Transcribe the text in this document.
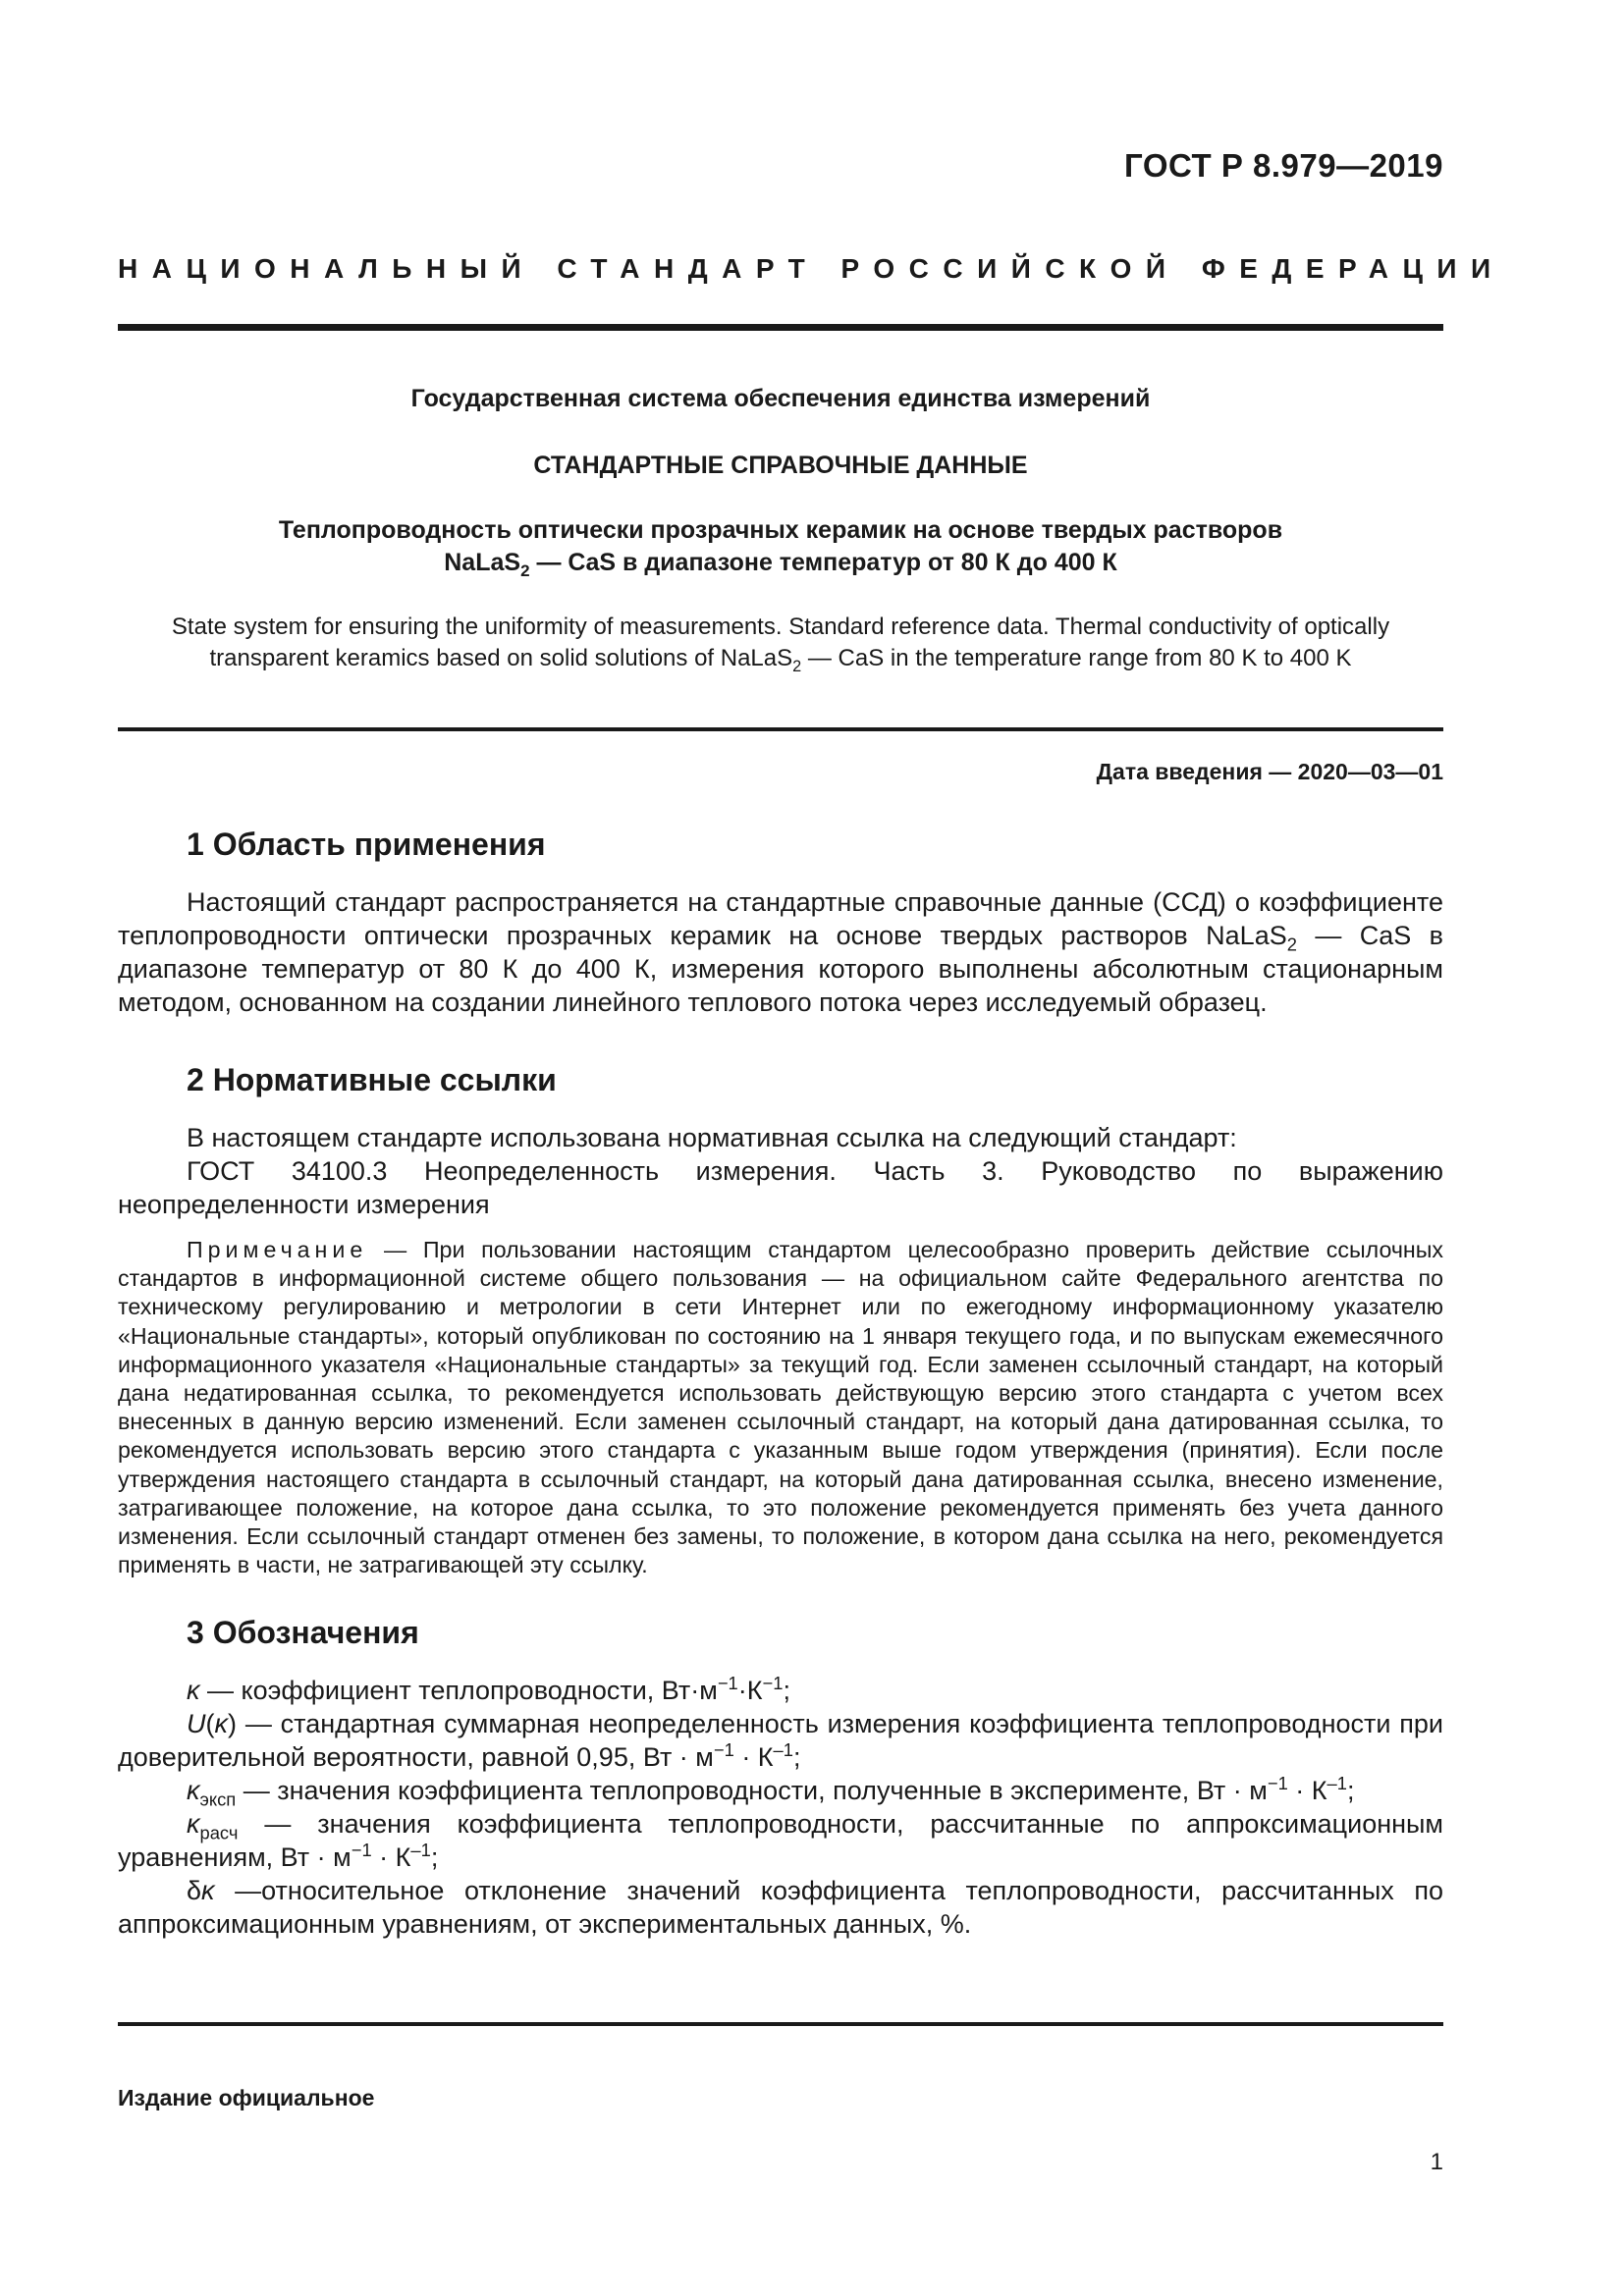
ГОСТ Р 8.979—2019
НАЦИОНАЛЬНЫЙ СТАНДАРТ РОССИЙСКОЙ ФЕДЕРАЦИИ
Государственная система обеспечения единства измерений
СТАНДАРТНЫЕ СПРАВОЧНЫЕ ДАННЫЕ
Теплопроводность оптически прозрачных керамик на основе твердых растворов
NaLaS$_2$ — CaS в диапазоне температур от 80 К до 400 К
State system for ensuring the uniformity of measurements. Standard reference data. Thermal conductivity of optically
transparent keramics based on solid solutions of NaLaS$_2$ — CaS in the temperature range from 80 K to 400 K
Дата введения — 2020—03—01
1 Область применения

Настоящий стандарт распространяется на стандартные справочные данные (ССД) о коэффициенте теплопроводности оптически прозрачных керамик на основе твердых растворов NaLaS$_2$ — CaS в диапазоне температур от 80 К до 400 К, измерения которого выполнены абсолютным стационарным методом, основанном на создании линейного теплового потока через исследуемый образец.

2 Нормативные ссылки

В настоящем стандарте использована нормативная ссылка на следующий стандарт:

ГОСТ 34100.3 Неопределенность измерения. Часть 3. Руководство по выражению неопределенности измерения

Примечание — При пользовании настоящим стандартом целесообразно проверить действие ссылочных стандартов в информационной системе общего пользования — на официальном сайте Федерального агентства по техническому регулированию и метрологии в сети Интернет или по ежегодному информационному указателю «Национальные стандарты», который опубликован по состоянию на 1 января текущего года, и по выпускам ежемесячного информационного указателя «Национальные стандарты» за текущий год. Если заменен ссылочный стандарт, на который дана недатированная ссылка, то рекомендуется использовать действующую версию этого стандарта с учетом всех внесенных в данную версию изменений. Если заменен ссылочный стандарт, на который дана датированная ссылка, то рекомендуется использовать версию этого стандарта с указанным выше годом утверждения (принятия). Если после утверждения настоящего стандарта в ссылочный стандарт, на который дана датированная ссылка, внесено изменение, затрагивающее положение, на которое дана ссылка, то это положение рекомендуется применять без учета данного изменения. Если ссылочный стандарт отменен без замены, то положение, в котором дана ссылка на него, рекомендуется применять в части, не затрагивающей эту ссылку.

3 Обозначения

κ — коэффициент теплопроводности, $Вт\cdot м^{-1}\cdot К^{-1}$;

U(κ) — стандартная суммарная неопределенность измерения коэффициента теплопроводности при доверительной вероятности, равной 0,95, Вт · $м^{-1} \cdot К^{-1}$;

$\kappa_{эксп}$ — значения коэффициента теплопроводности, полученные в эксперименте, Вт · $м^{-1} \cdot К^{-1}$;

$\kappa_{расч}$ — значения коэффициента теплопроводности, рассчитанные по аппроксимационным уравнениям, Вт · $м^{-1} \cdot К^{-1}$;

δκ —относительное отклонение значений коэффициента теплопроводности, рассчитанных по аппроксимационным уравнениям, от экспериментальных данных, %.

Издание официальное
1
